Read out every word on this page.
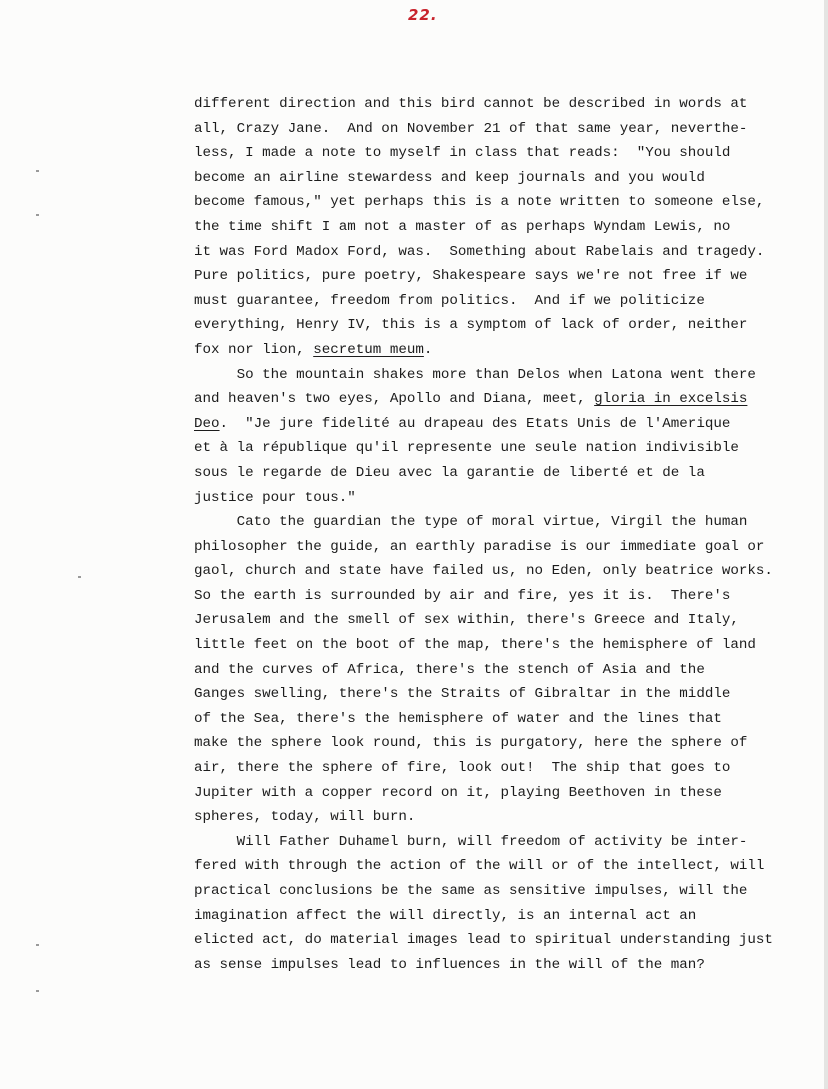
22.
different direction and this bird cannot be described in words at
all, Crazy Jane.  And on November 21 of that same year, neverthe-
less, I made a note to myself in class that reads:  "You should
become an airline stewardess and keep journals and you would
become famous," yet perhaps this is a note written to someone else,
the time shift I am not a master of as perhaps Wyndam Lewis, no
it was Ford Madox Ford, was.  Something about Rabelais and tragedy.
Pure politics, pure poetry, Shakespeare says we're not free if we
must guarantee, freedom from politics.  And if we politicize
everything, Henry IV, this is a symptom of lack of order, neither
fox nor lion, secretum meum.
So the mountain shakes more than Delos when Latona went there
and heaven's two eyes, Apollo and Diana, meet, gloria in excelsis
Deo.  "Je jure fidelité au drapeau des Etats Unis de l'Amerique
et à la république qu'il represente une seule nation indivisible
sous le regarde de Dieu avec la garantie de liberté et de la
justice pour tous."
Cato the guardian the type of moral virtue, Virgil the human
philosopher the guide, an earthly paradise is our immediate goal or
gaol, church and state have failed us, no Eden, only beatrice works.
So the earth is surrounded by air and fire, yes it is.  There's
Jerusalem and the smell of sex within, there's Greece and Italy,
little feet on the boot of the map, there's the hemisphere of land
and the curves of Africa, there's the stench of Asia and the
Ganges swelling, there's the Straits of Gibraltar in the middle
of the Sea, there's the hemisphere of water and the lines that
make the sphere look round, this is purgatory, here the sphere of
air, there the sphere of fire, look out!  The ship that goes to
Jupiter with a copper record on it, playing Beethoven in these
spheres, today, will burn.
Will Father Duhamel burn, will freedom of activity be inter-
fered with through the action of the will or of the intellect, will
practical conclusions be the same as sensitive impulses, will the
imagination affect the will directly, is an internal act an
elicted act, do material images lead to spiritual understanding just
as sense impulses lead to influences in the will of the man?
